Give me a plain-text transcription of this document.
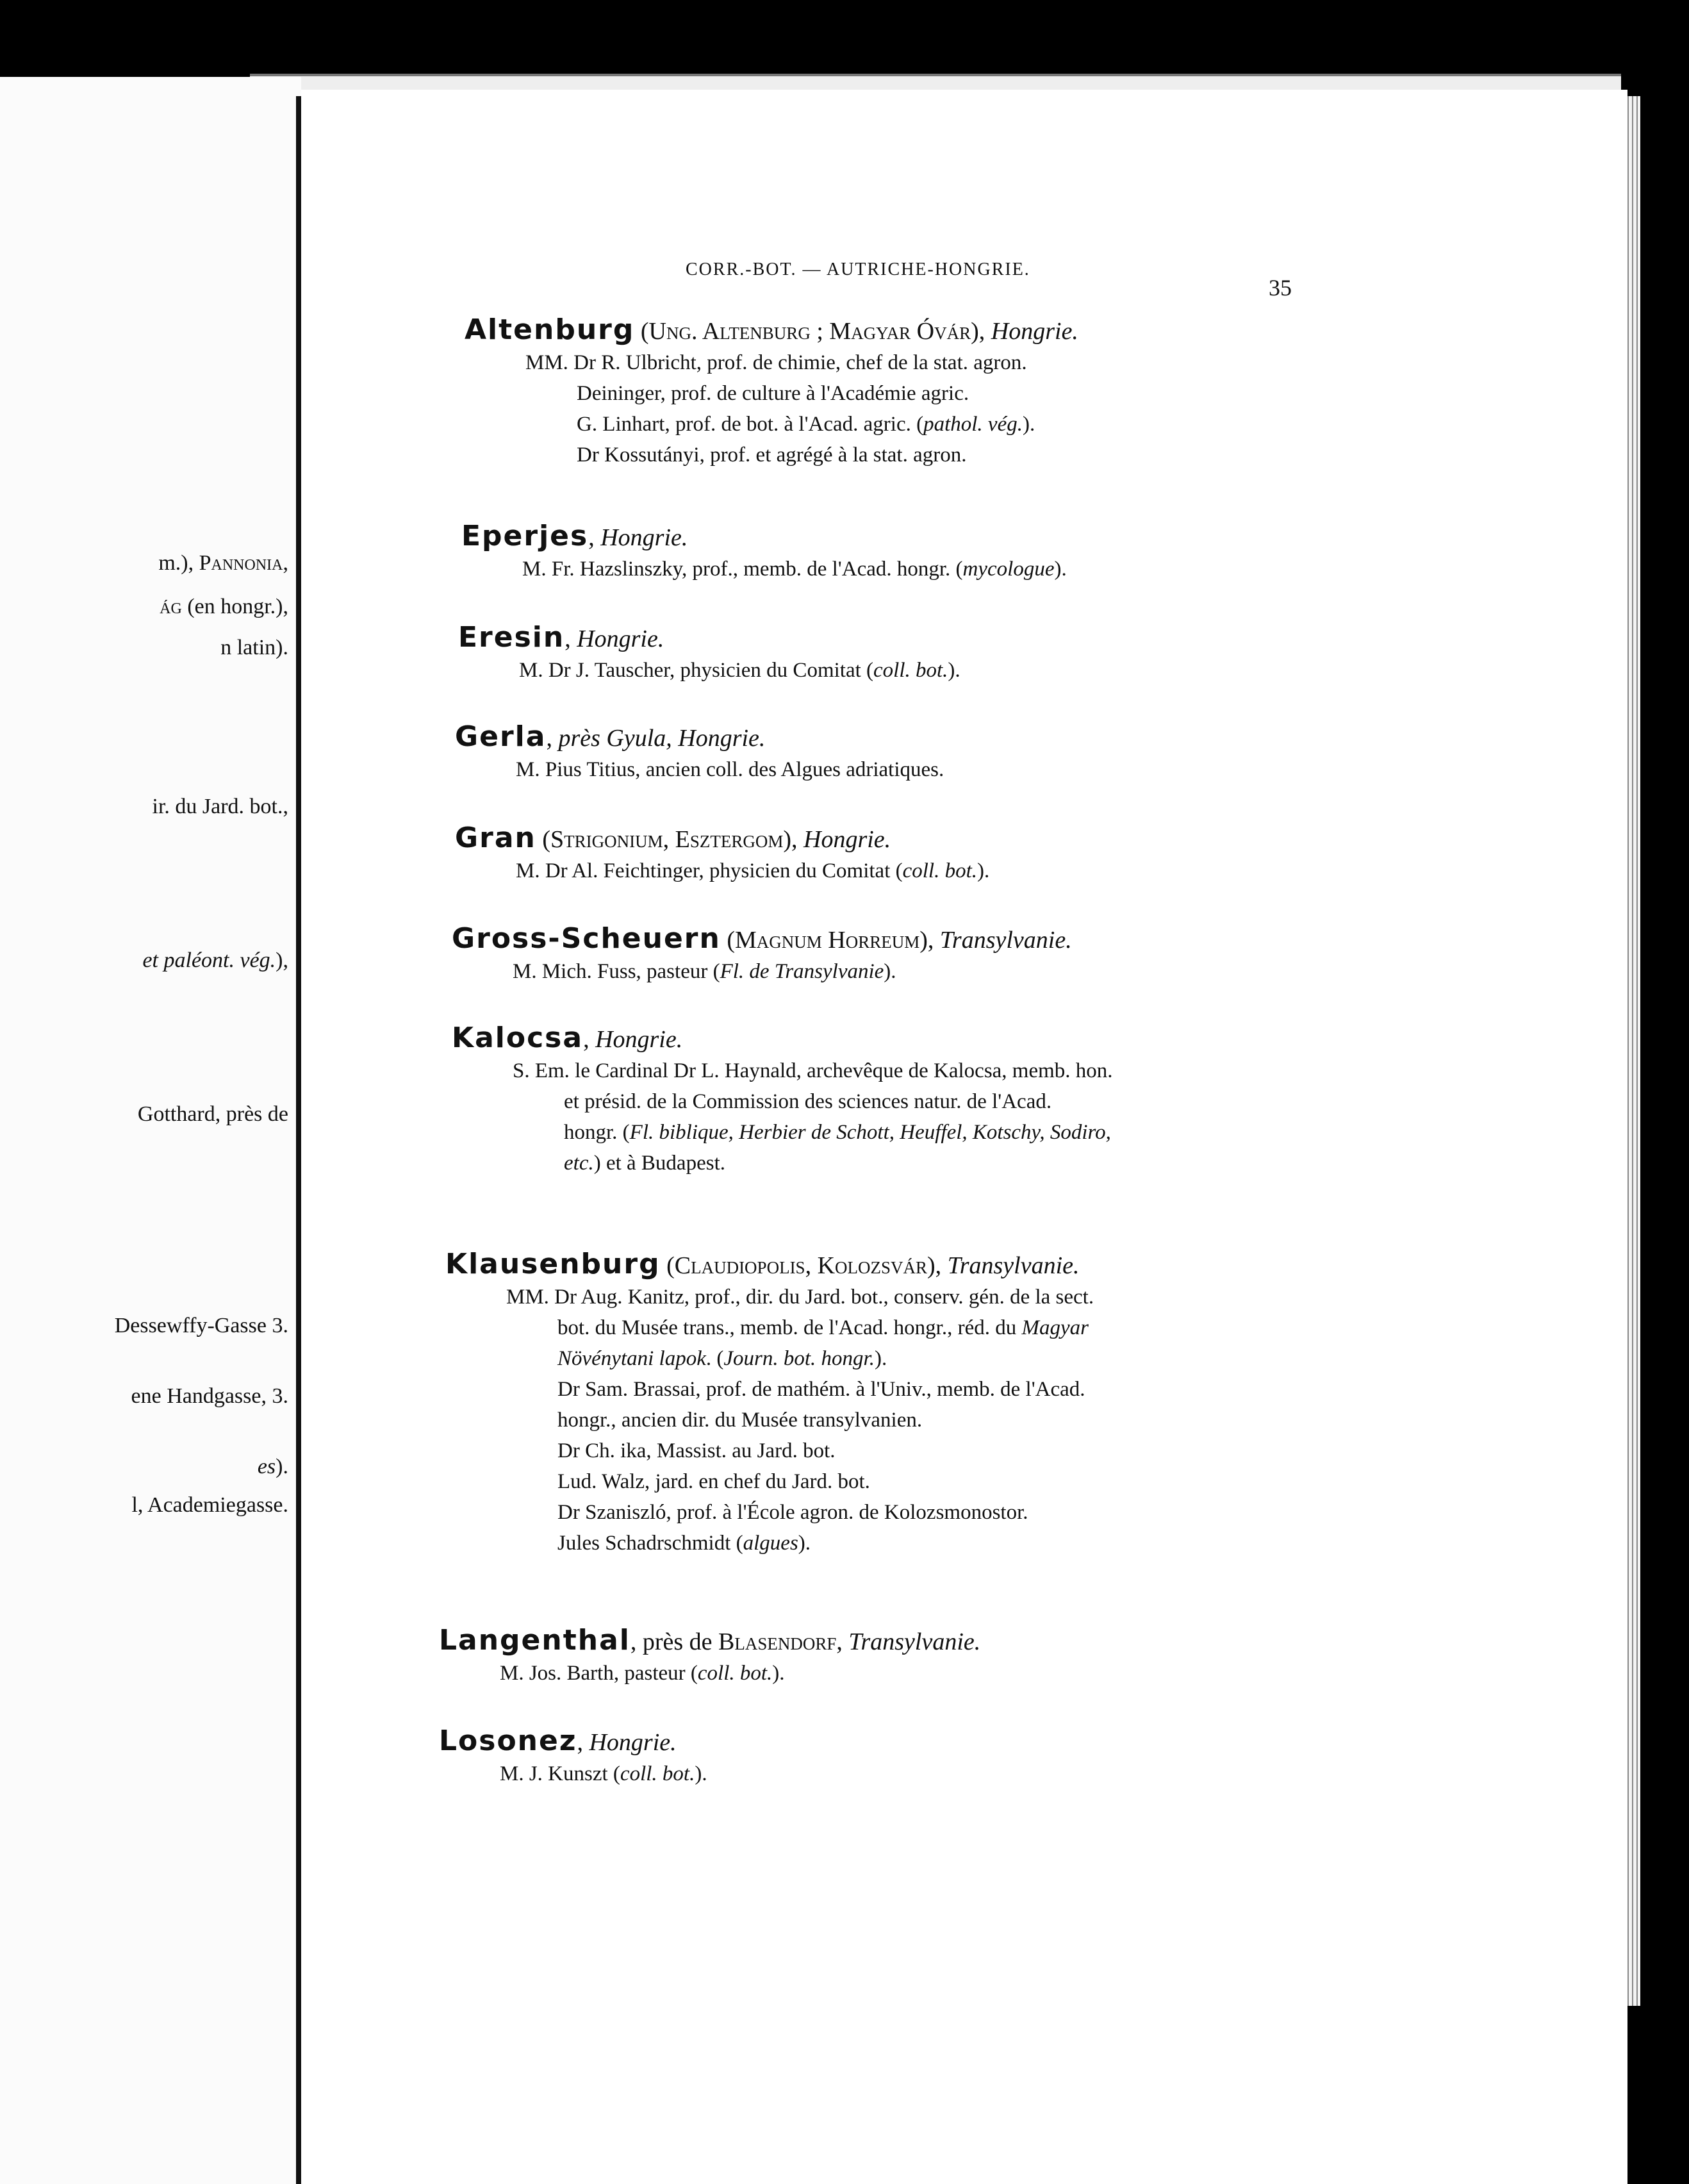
m.), Pannonia,
ág (en hongr.),
n latin).
ir. du Jard. bot.,
et paléont. vég.),
Gotthard, près de
Dessewffy-Gasse 3.
ene Handgasse, 3.
es).
l, Academiegasse.
CORR.-BOT. — AUTRICHE-HONGRIE.
35
Altenburg (Ung. Altenburg ; Magyar Óvár), Hongrie.
MM. Dr R. Ulbricht, prof. de chimie, chef de la stat. agron.
Deininger, prof. de culture à l'Académie agric.
G. Linhart, prof. de bot. à l'Acad. agric. (pathol. vég.).
Dr Kossutányi, prof. et agrégé à la stat. agron.
Eperjes, Hongrie.
M. Fr. Hazslinszky, prof., memb. de l'Acad. hongr. (mycologue).
Eresin, Hongrie.
M. Dr J. Tauscher, physicien du Comitat (coll. bot.).
Gerla, près Gyula, Hongrie.
M. Pius Titius, ancien coll. des Algues adriatiques.
Gran (Strigonium, Esztergom), Hongrie.
M. Dr Al. Feichtinger, physicien du Comitat (coll. bot.).
Gross-Scheuern (Magnum Horreum), Transylvanie.
M. Mich. Fuss, pasteur (Fl. de Transylvanie).
Kalocsa, Hongrie.
S. Em. le Cardinal Dr L. Haynald, archevêque de Kalocsa, memb. hon.
et présid. de la Commission des sciences natur. de l'Acad.
hongr. (Fl. biblique, Herbier de Schott, Heuffel, Kotschy, Sodiro,
etc.) et à Budapest.
Klausenburg (Claudiopolis, Kolozsvár), Transylvanie.
MM. Dr Aug. Kanitz, prof., dir. du Jard. bot., conserv. gén. de la sect.
bot. du Musée trans., memb. de l'Acad. hongr., réd. du Magyar
Növénytani lapok. (Journ. bot. hongr.).
Dr Sam. Brassai, prof. de mathém. à l'Univ., memb. de l'Acad.
hongr., ancien dir. du Musée transylvanien.
Dr Ch. ika, Massist. au Jard. bot.
Lud. Walz, jard. en chef du Jard. bot.
Dr Szaniszló, prof. à l'École agron. de Kolozsmonostor.
Jules Schadrschmidt (algues).
Langenthal, près de Blasendorf, Transylvanie.
M. Jos. Barth, pasteur (coll. bot.).
Losonez, Hongrie.
M. J. Kunszt (coll. bot.).
